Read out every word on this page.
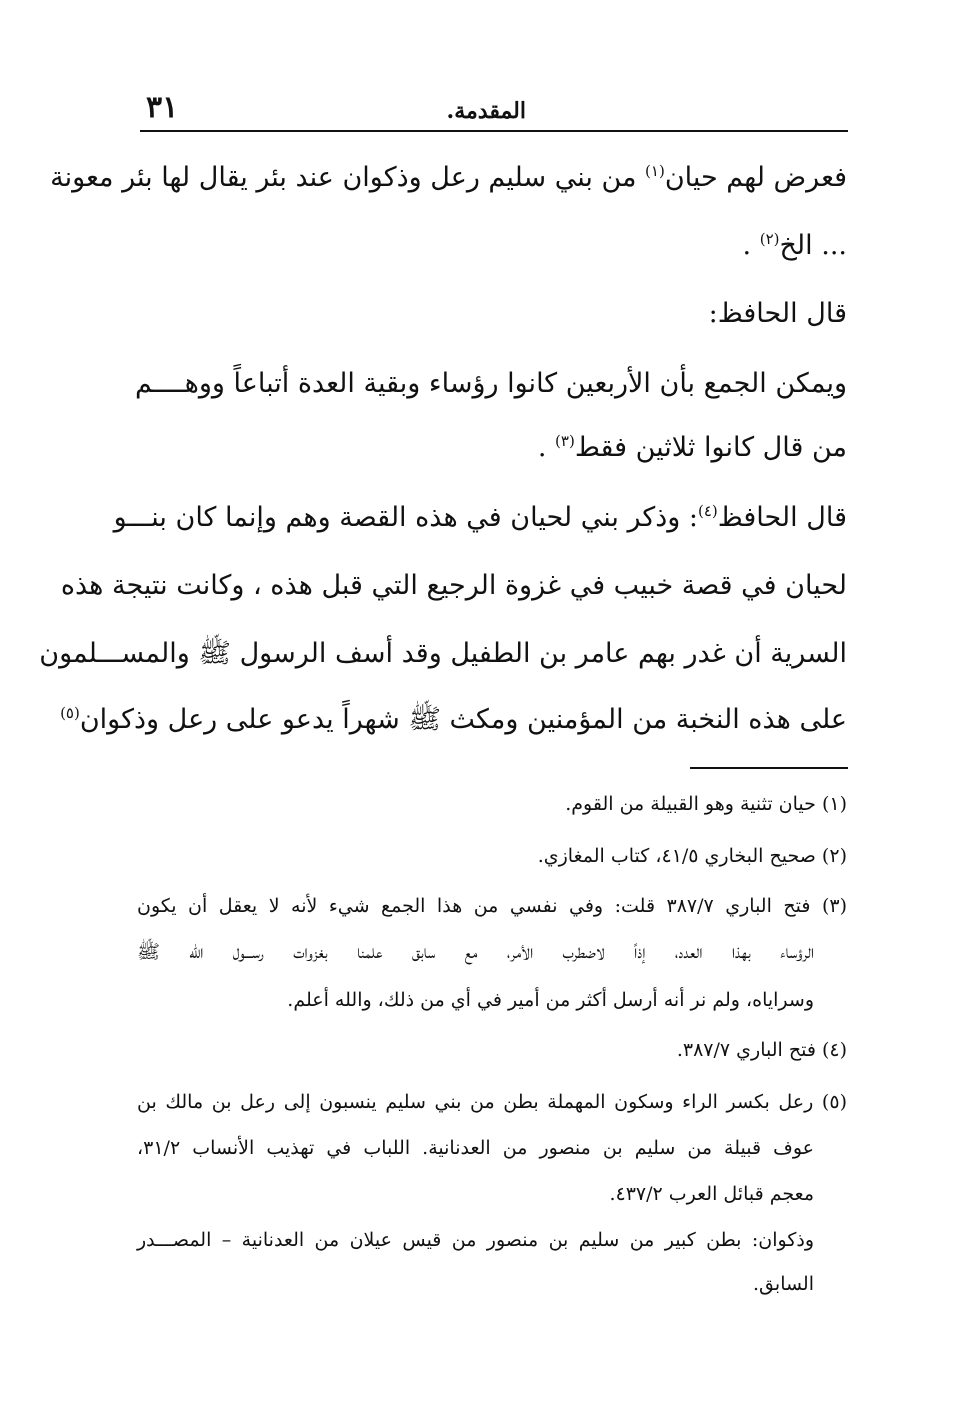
المقدمة.
٣١
فعرض لهم حيان$^{(١)}$ من بني سليم رعل وذكوان عند بئر يقال لها بئر معونة
... الخ$^{(٢)}$ .
قال الحافظ:
ويمكن الجمع بأن الأربعين كانوا رؤساء وبقية العدة أتباعاً ووهــــم
من قال كانوا ثلاثين فقط$^{(٣)}$ .
قال الحافظ$^{(٤)}$: وذكر بني لحيان في هذه القصة وهم وإنما كان بنـــو
لحيان في قصة خبيب في غزوة الرجيع التي قبل هذه ، وكانت نتيجة هذه
السرية أن غدر بهم عامر بن الطفيل وقد أسف الرسول ﷺ والمســـلمون
على هذه النخبة من المؤمنين ومكث ﷺ شهراً يدعو على رعل وذكوان$^{(٥)}$
(١) حيان تثنية وهو القبيلة من القوم.
(٢) صحيح البخاري ٤١/٥، كتاب المغازي.
(٣) فتح الباري ٣٨٧/٧ قلت: وفي نفسي من هذا الجمع شيء لأنه لا يعقل أن يكون
الرؤساء بهذا العدد، إذاً لاضطرب الأمر، مع سابق علمنا بغزوات رســـول الله ﷺ
وسراياه، ولم نر أنه أرسل أكثر من أمير في أي من ذلك، والله أعلم.
(٤) فتح الباري ٣٨٧/٧.
(٥) رعل بكسر الراء وسكون المهملة بطن من بني سليم ينسبون إلى رعل بن مالك بن
عوف قبيلة من سليم بن منصور من العدنانية. اللباب في تهذيب الأنساب ٣١/٢،
معجم قبائل العرب ٤٣٧/٢.
وذكوان: بطن كبير من سليم بن منصور من قيس عيلان من العدنانية – المصـــدر
السابق.
